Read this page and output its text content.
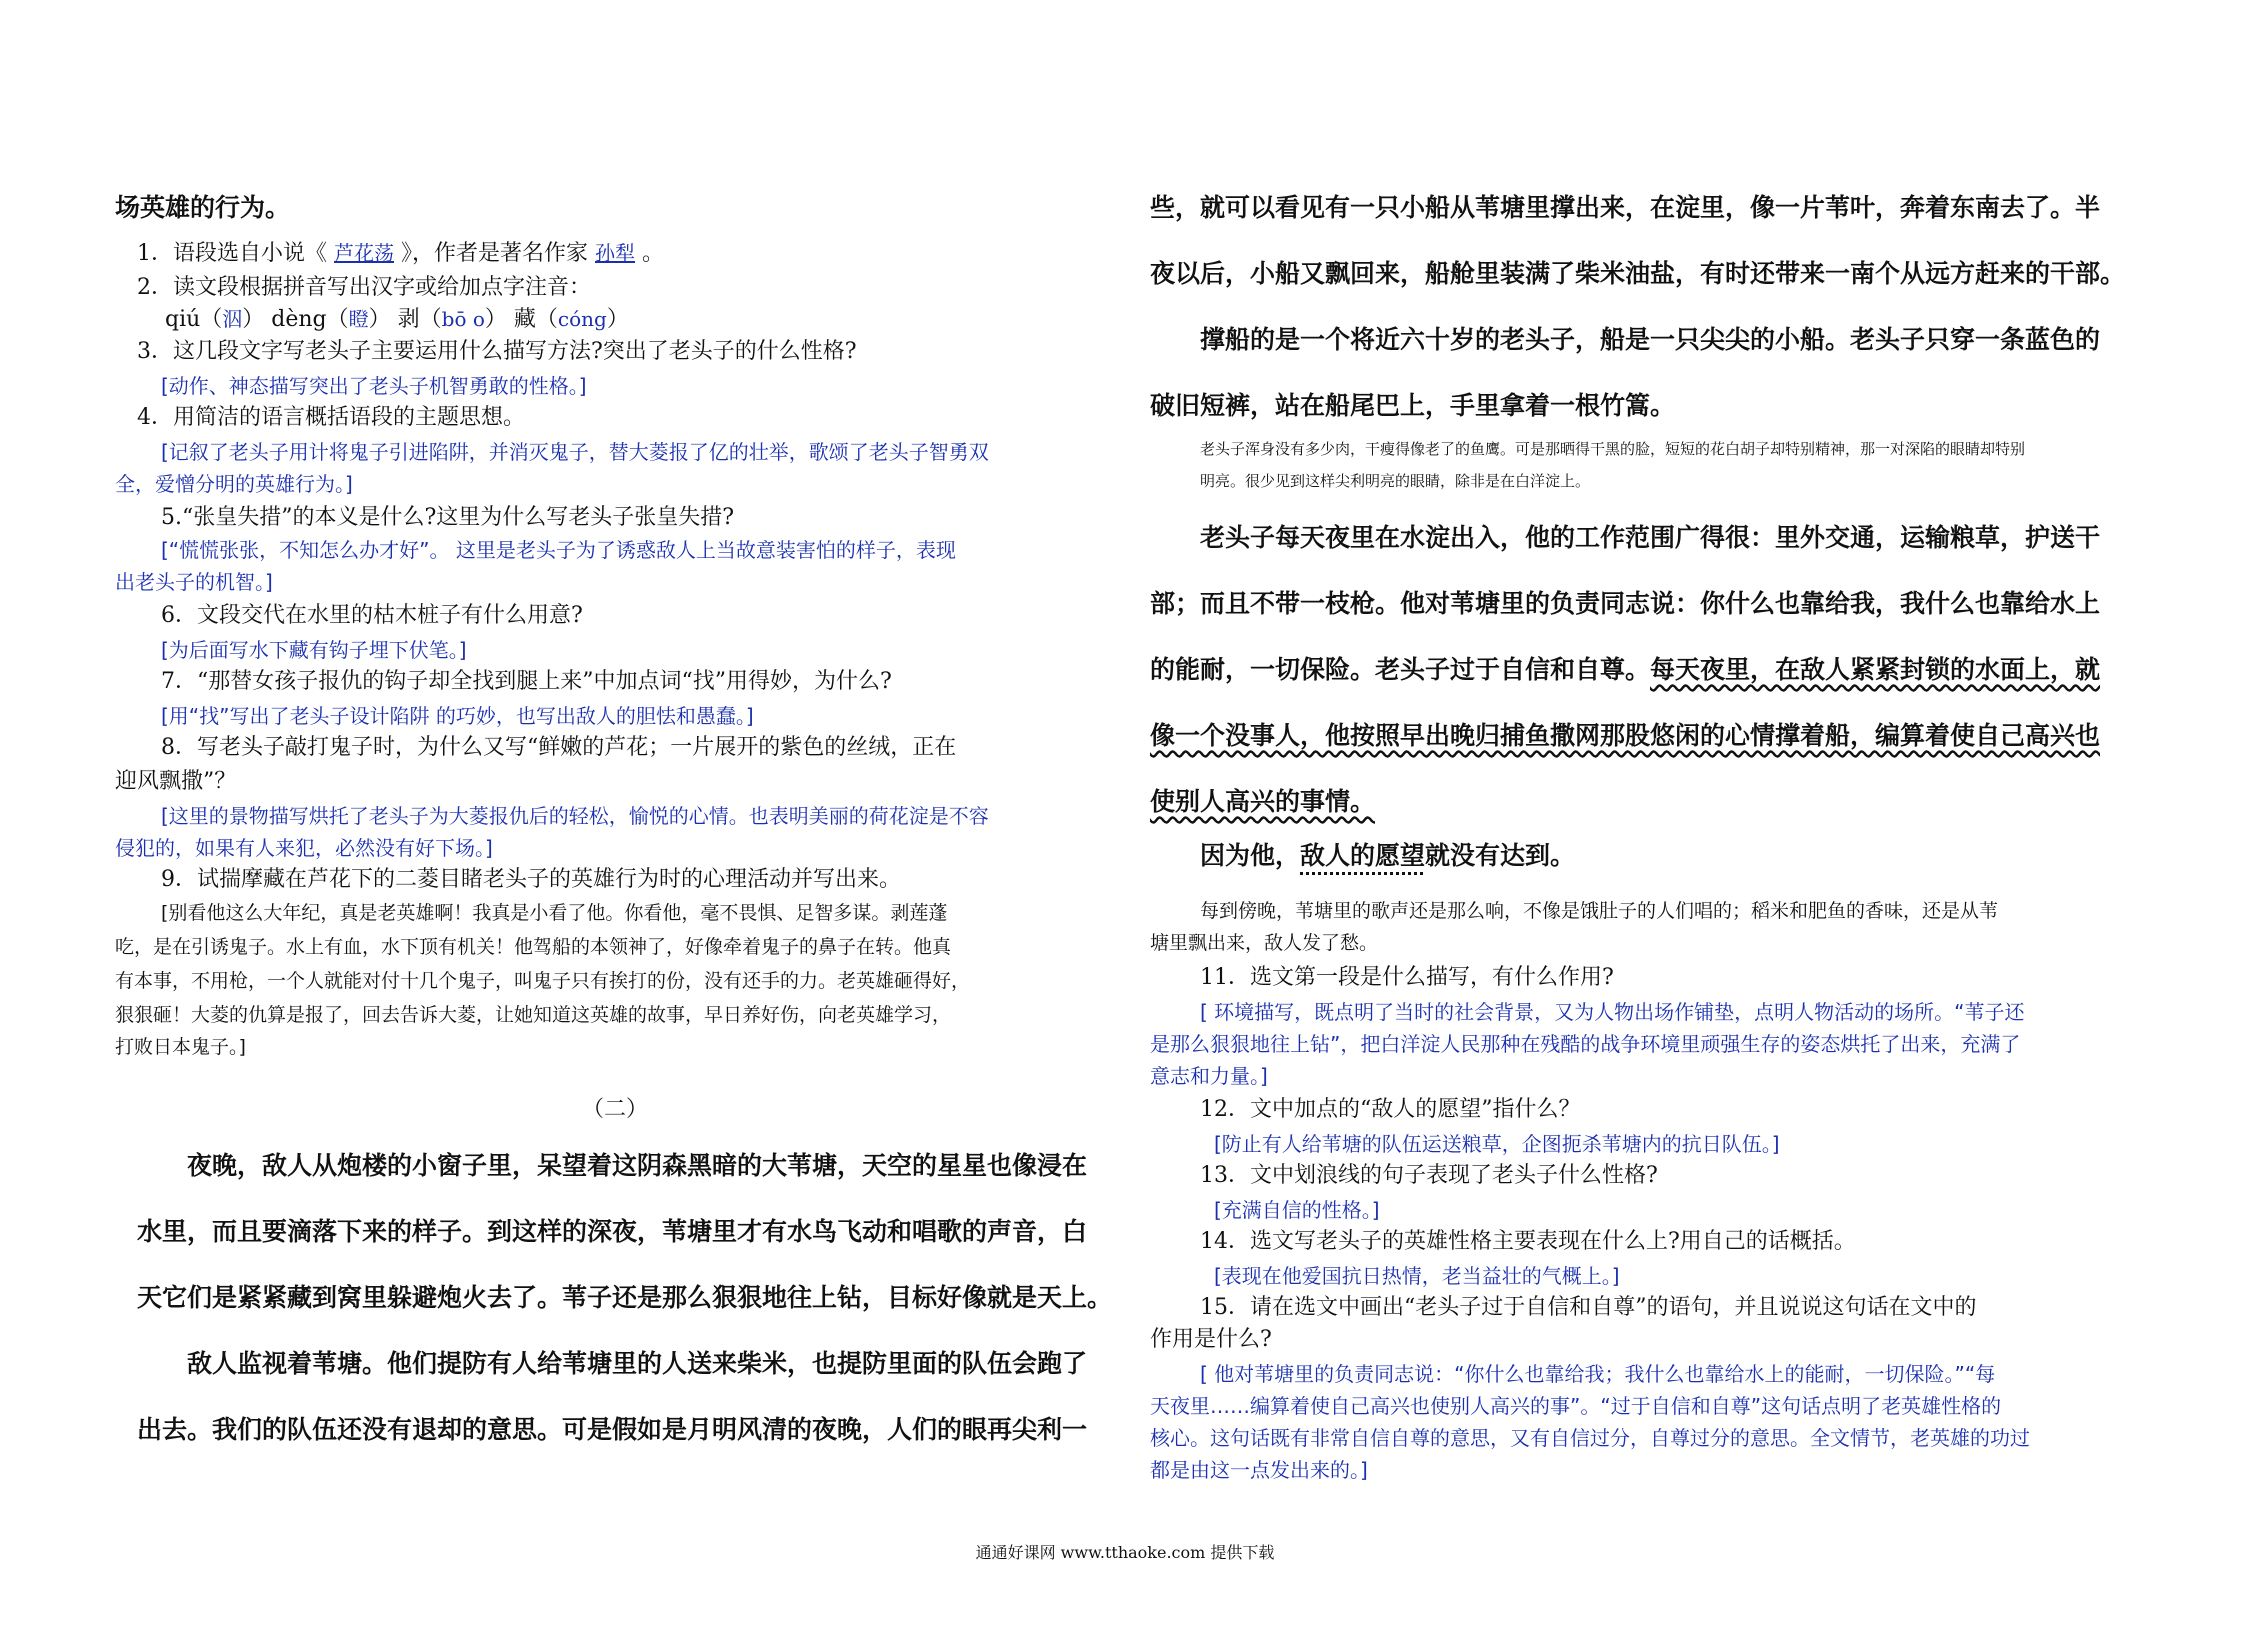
场英雄的行为。
1．语段选自小说《 芦花荡 》，作者是著名作家 孙犁 。
2．读文段根据拼音写出汉字或给加点字注音：
qiú（泅） dèng（瞪） 剥（bō o） 藏（cóng）
3．这几段文字写老头子主要运用什么描写方法?突出了老头子的什么性格?
[动作、神态描写突出了老头子机智勇敢的性格。]
4．用简洁的语言概括语段的主题思想。
[记叙了老头子用计将鬼子引进陷阱，并消灭鬼子，替大菱报了亿的壮举，歌颂了老头子智勇双
全，爱憎分明的英雄行为。]
5.“张皇失措”的本义是什么?这里为什么写老头子张皇失措?
[“慌慌张张，不知怎么办才好”。 这里是老头子为了诱惑敌人上当故意装害怕的样子，表现
出老头子的机智。]
6．文段交代在水里的枯木桩子有什么用意?
[为后面写水下藏有钩子埋下伏笔。]
7．“那替女孩子报仇的钩子却全找到腿上来”中加点词“找”用得妙，为什么?
[用“找”写出了老头子设计陷阱 的巧妙，也写出敌人的胆怯和愚蠢。]
8．写老头子敲打鬼子时，为什么又写“鲜嫩的芦花；一片展开的紫色的丝绒，正在
迎风飘撒”？
[这里的景物描写烘托了老头子为大菱报仇后的轻松，愉悦的心情。也表明美丽的荷花淀是不容
侵犯的，如果有人来犯，必然没有好下场。]
9．试揣摩藏在芦花下的二菱目睹老头子的英雄行为时的心理活动并写出来。
[别看他这么大年纪，真是老英雄啊！我真是小看了他。你看他，毫不畏惧、足智多谋。剥莲蓬
吃，是在引诱鬼子。水上有血，水下顶有机关！他驾船的本领神了，好像牵着鬼子的鼻子在转。他真
有本事，不用枪，一个人就能对付十几个鬼子，叫鬼子只有挨打的份，没有还手的力。老英雄砸得好，
狠狠砸！大菱的仇算是报了，回去告诉大菱，让她知道这英雄的故事，早日养好伤，向老英雄学习，
打败日本鬼子。]
（二）
夜晚，敌人从炮楼的小窗子里，呆望着这阴森黑暗的大苇塘，天空的星星也像浸在
水里，而且要滴落下来的样子。到这样的深夜，苇塘里才有水鸟飞动和唱歌的声音，白
天它们是紧紧藏到窝里躲避炮火去了。苇子还是那么狠狠地往上钻，目标好像就是天上。
敌人监视着苇塘。他们提防有人给苇塘里的人送来柴米，也提防里面的队伍会跑了
出去。我们的队伍还没有退却的意思。可是假如是月明风清的夜晚，人们的眼再尖利一
些，就可以看见有一只小船从苇塘里撑出来，在淀里，像一片苇叶，奔着东南去了。半
夜以后，小船又飘回来，船舱里装满了柴米油盐，有时还带来一南个从远方赶来的干部。
撑船的是一个将近六十岁的老头子，船是一只尖尖的小船。老头子只穿一条蓝色的
破旧短裤，站在船尾巴上，手里拿着一根竹篙。
老头子浑身没有多少肉，干瘦得像老了的鱼鹰。可是那晒得干黑的脸，短短的花白胡子却特别精神，那一对深陷的眼睛却特别
明亮。很少见到这样尖利明亮的眼睛，除非是在白洋淀上。
老头子每天夜里在水淀出入，他的工作范围广得很：里外交通，运输粮草，护送干
部；而且不带一枝枪。他对苇塘里的负责同志说：你什么也靠给我，我什么也靠给水上
的能耐，一切保险。老头子过于自信和自尊。每天夜里，在敌人紧紧封锁的水面上，就
像一个没事人，他按照早出晚归捕鱼撒网那股悠闲的心情撑着船，编算着使自己高兴也
使别人高兴的事情。
因为他，敌人的愿望就没有达到。
每到傍晚，苇塘里的歌声还是那么响，不像是饿肚子的人们唱的；稻米和肥鱼的香味，还是从苇
塘里飘出来，敌人发了愁。
11．选文第一段是什么描写，有什么作用?
[ 环境描写，既点明了当时的社会背景，又为人物出场作铺垫，点明人物活动的场所。“苇子还
是那么狠狠地往上钻”，把白洋淀人民那种在残酷的战争环境里顽强生存的姿态烘托了出来，充满了
意志和力量。]
12．文中加点的“敌人的愿望”指什么？
[防止有人给苇塘的队伍运送粮草，企图扼杀苇塘内的抗日队伍。]
13．文中划浪线的句子表现了老头子什么性格?
[充满自信的性格。]
14．选文写老头子的英雄性格主要表现在什么上?用自己的话概括。
[表现在他爱国抗日热情，老当益壮的气概上。]
15．请在选文中画出“老头子过于自信和自尊”的语句，并且说说这句话在文中的
作用是什么?
[ 他对苇塘里的负责同志说：“你什么也靠给我；我什么也靠给水上的能耐，一切保险。”“每
天夜里……编算着使自己高兴也使别人高兴的事”。“过于自信和自尊”这句话点明了老英雄性格的
核心。这句话既有非常自信自尊的意思，又有自信过分，自尊过分的意思。全文情节，老英雄的功过
都是由这一点发出来的。]
通通好课网 www.tthaoke.com 提供下载
